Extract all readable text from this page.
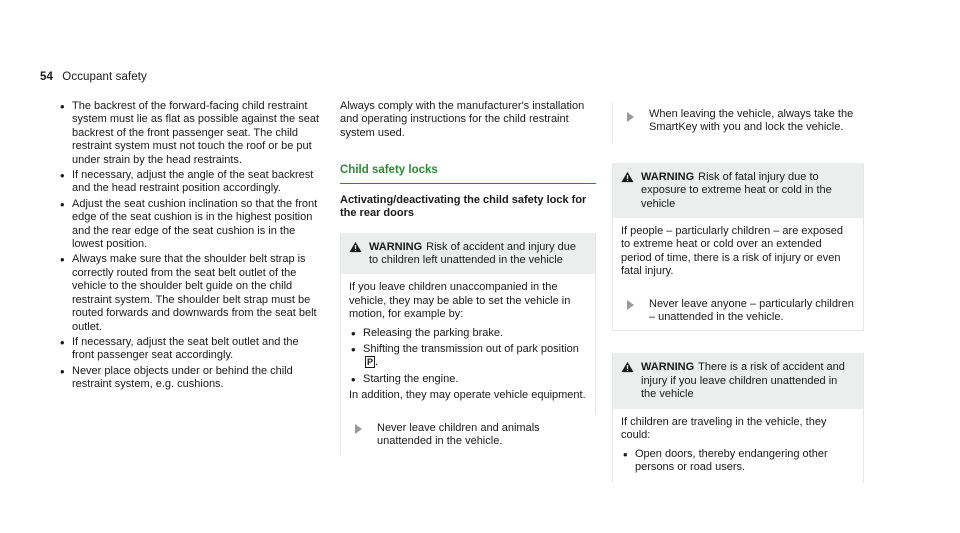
54 Occupant safety
• The backrest of the forward-facing child restraint system must lie as flat as possible against the seat backrest of the front passenger seat. The child restraint system must not touch the roof or be put under strain by the head restraints.
• If necessary, adjust the angle of the seat backrest and the head restraint position accordingly.
• Adjust the seat cushion inclination so that the front edge of the seat cushion is in the highest position and the rear edge of the seat cushion is in the lowest position.
• Always make sure that the shoulder belt strap is correctly routed from the seat belt outlet of the vehicle to the shoulder belt guide on the child restraint system. The shoulder belt strap must be routed forwards and downwards from the seat belt outlet.
• If necessary, adjust the seat belt outlet and the front passenger seat accordingly.
• Never place objects under or behind the child restraint system, e.g. cushions.
Always comply with the manufacturer's installation and operating instructions for the child restraint system used.
Child safety locks
Activating/deactivating the child safety lock for the rear doors
WARNING Risk of accident and injury due to children left unattended in the vehicle

If you leave children unaccompanied in the vehicle, they may be able to set the vehicle in motion, for example by:

• Releasing the parking brake.
• Shifting the transmission out of park position P .
• Starting the engine.

In addition, they may operate vehicle equipment.

Never leave children and animals unattended in the vehicle.
When leaving the vehicle, always take the SmartKey with you and lock the vehicle.
WARNING Risk of fatal injury due to exposure to extreme heat or cold in the vehicle

If people – particularly children – are exposed to extreme heat or cold over an extended period of time, there is a risk of injury or even fatal injury.

Never leave anyone – particularly children – unattended in the vehicle.
WARNING There is a risk of accident and injury if you leave children unattended in the vehicle

If children are traveling in the vehicle, they could:

• Open doors, thereby endangering other persons or road users.
